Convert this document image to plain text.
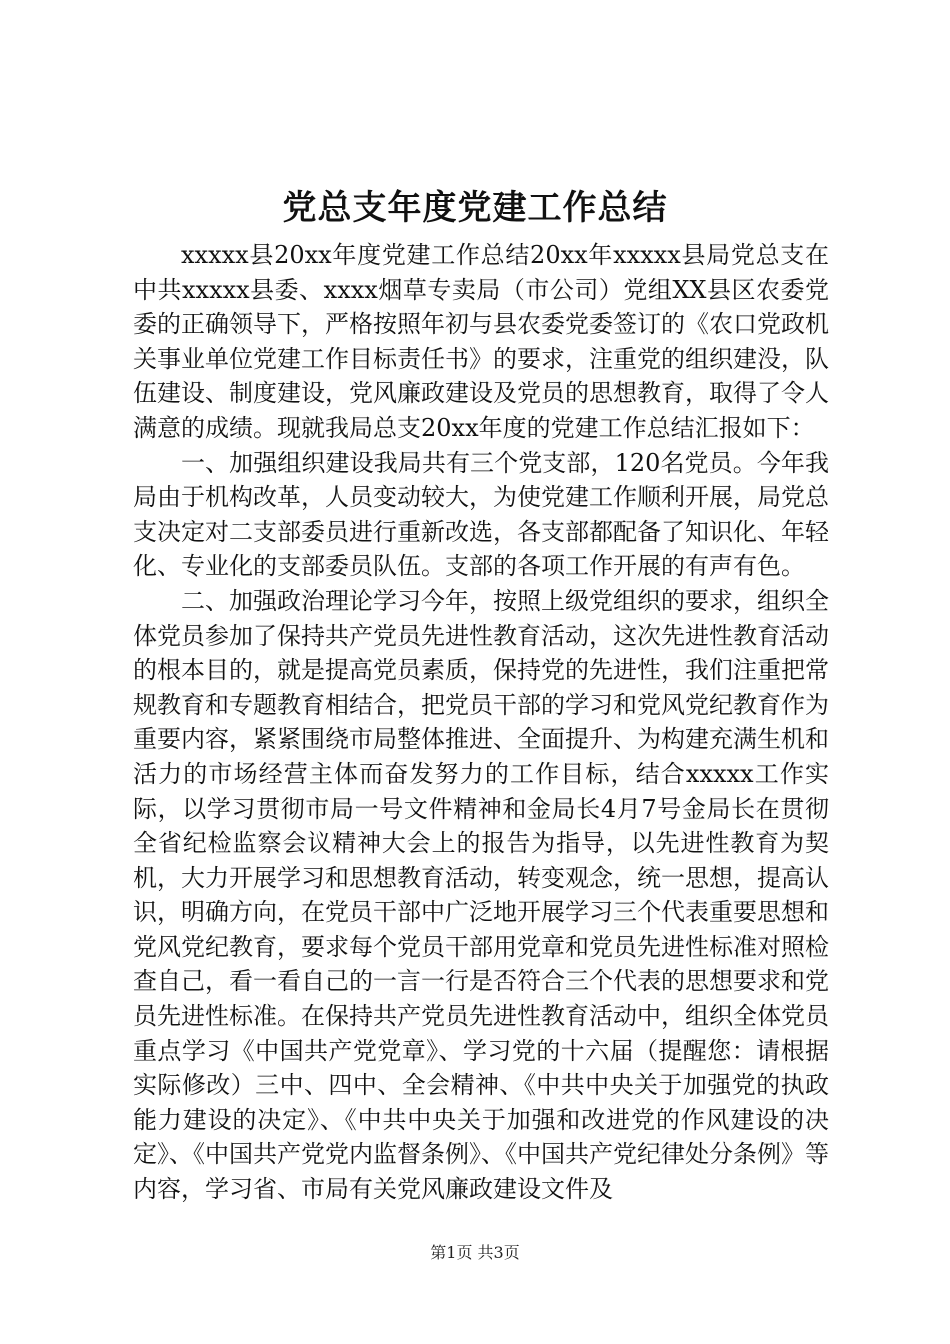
党总支年度党建工作总结

xxxxx县20xx年度党建工作总结20xx年xxxxx县局党总支在中共xxxxx县委、xxxx烟草专卖局（市公司）党组XX县区农委党委的正确领导下，严格按照年初与县农委党委签订的《农口党政机关事业单位党建工作目标责任书》的要求，注重党的组织建没，队伍建设、制度建设，党风廉政建设及党员的思想教育，取得了令人满意的成绩。现就我局总支20xx年度的党建工作总结汇报如下：

一、加强组织建设我局共有三个党支部，120名党员。今年我局由于机构改革，人员变动较大，为使党建工作顺利开展，局党总支决定对二支部委员进行重新改选，各支部都配备了知识化、年轻化、专业化的支部委员队伍。支部的各项工作开展的有声有色。

二、加强政治理论学习今年，按照上级党组织的要求，组织全体党员参加了保持共产党员先进性教育活动，这次先进性教育活动的根本目的，就是提高党员素质，保持党的先进性，我们注重把常规教育和专题教育相结合，把党员干部的学习和党风党纪教育作为重要内容，紧紧围绕市局整体推进、全面提升、为构建充满生机和活力的市场经营主体而奋发努力的工作目标，结合xxxxx工作实际，以学习贯彻市局一号文件精神和金局长4月7号金局长在贯彻全省纪检监察会议精神大会上的报告为指导，以先进性教育为契机，大力开展学习和思想教育活动，转变观念，统一思想，提高认识，明确方向，在党员干部中广泛地开展学习三个代表重要思想和党风党纪教育，要求每个党员干部用党章和党员先进性标准对照检查自己，看一看自己的一言一行是否符合三个代表的思想要求和党员先进性标准。在保持共产党员先进性教育活动中，组织全体党员重点学习《中国共产党党章》、学习党的十六届（提醒您：请根据实际修改）三中、四中、全会精神、《中共中央关于加强党的执政能力建设的决定》、《中共中央关于加强和改进党的作风建设的决定》、《中国共产党党内监督条例》、《中国共产党纪律处分条例》等内容，学习省、市局有关党风廉政建设文件及

第1页 共3页
